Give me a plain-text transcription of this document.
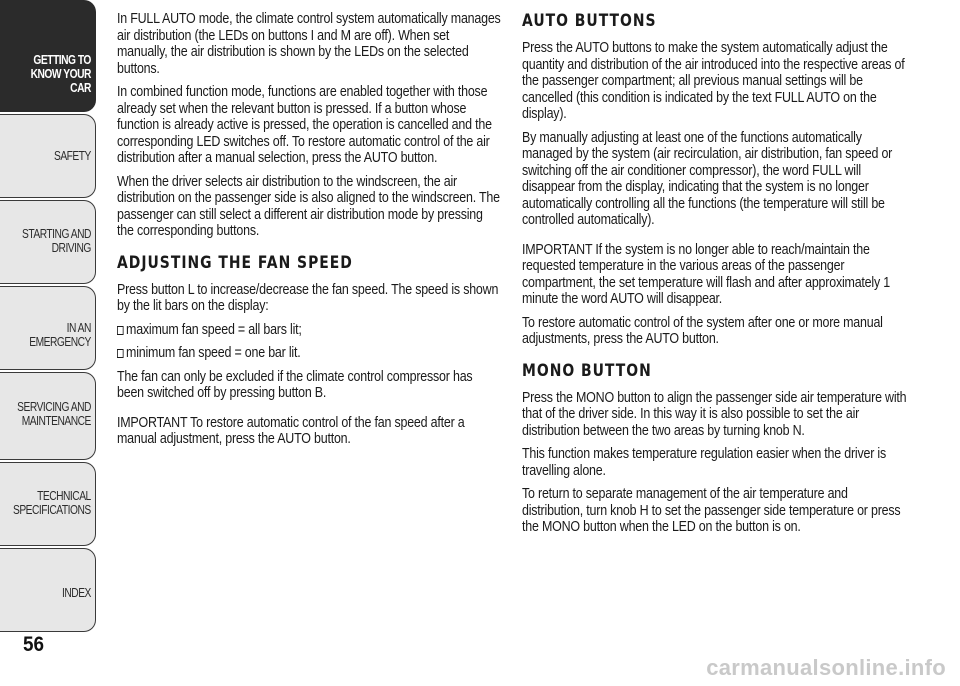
GETTING TO
KNOW YOUR CAR
SAFETY
STARTING AND
DRIVING
IN AN EMERGENCY
SERVICING AND
MAINTENANCE
TECHNICAL
SPECIFICATIONS
INDEX
56

In FULL AUTO mode, the climate control system automatically manages air distribution (the LEDs on buttons I and M are off). When set manually, the air distribution is shown by the LEDs on the selected buttons.

In combined function mode, functions are enabled together with those already set when the relevant button is pressed. If a button whose function is already active is pressed, the operation is cancelled and the corresponding LED switches off. To restore automatic control of the air distribution after a manual selection, press the AUTO button.

When the driver selects air distribution to the windscreen, the air distribution on the passenger side is also aligned to the windscreen. The passenger can still select a different air distribution mode by pressing the corresponding buttons.

ADJUSTING THE FAN SPEED

Press button L to increase/decrease the fan speed. The speed is shown by the lit bars on the display:

maximum fan speed = all bars lit;
minimum fan speed = one bar lit.

The fan can only be excluded if the climate control compressor has been switched off by pressing button B.

IMPORTANT To restore automatic control of the fan speed after a manual adjustment, press the AUTO button.

AUTO BUTTONS

Press the AUTO buttons to make the system automatically adjust the quantity and distribution of the air introduced into the respective areas of the passenger compartment; all previous manual settings will be cancelled (this condition is indicated by the text FULL AUTO on the display).

By manually adjusting at least one of the functions automatically managed by the system (air recirculation, air distribution, fan speed or switching off the air conditioner compressor), the word FULL will disappear from the display, indicating that the system is no longer automatically controlling all the functions (the temperature will still be controlled automatically).

IMPORTANT If the system is no longer able to reach/maintain the requested temperature in the various areas of the passenger compartment, the set temperature will flash and after approximately 1 minute the word AUTO will disappear.

To restore automatic control of the system after one or more manual adjustments, press the AUTO button.

MONO BUTTON

Press the MONO button to align the passenger side air temperature with that of the driver side. In this way it is also possible to set the air distribution between the two areas by turning knob N.

This function makes temperature regulation easier when the driver is travelling alone.

To return to separate management of the air temperature and distribution, turn knob H to set the passenger side temperature or press the MONO button when the LED on the button is on.

carmanualsonline.info
